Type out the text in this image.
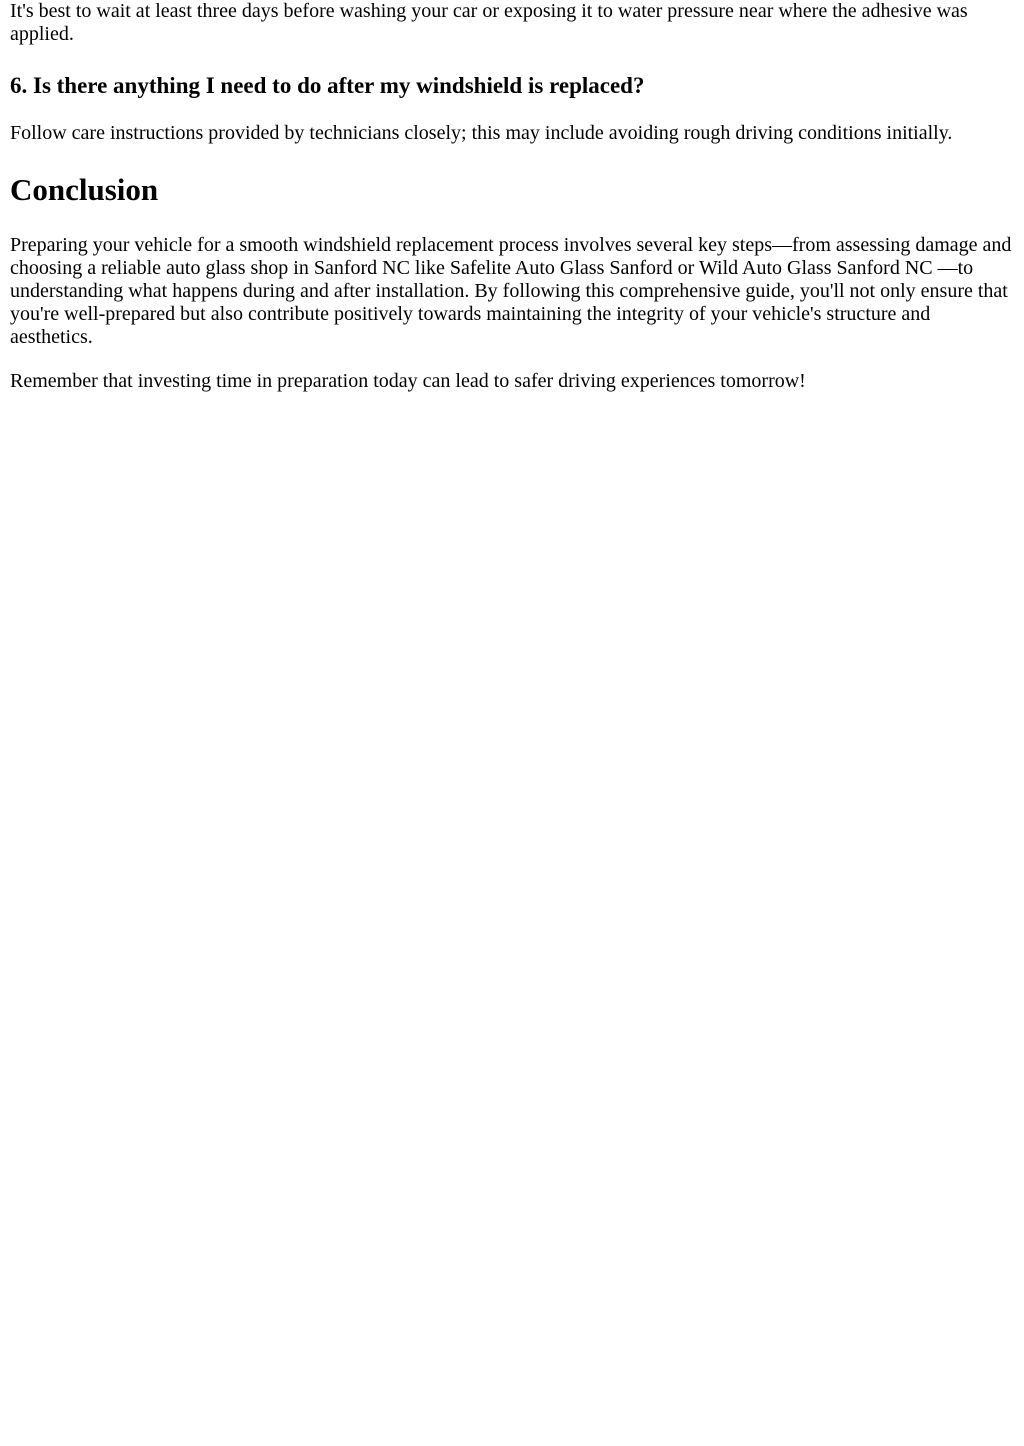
It's best to wait at least three days before washing your car or exposing it to water pressure near where the adhesive was applied.

6. Is there anything I need to do after my windshield is replaced?

Follow care instructions provided by technicians closely; this may include avoiding rough driving conditions initially.

Conclusion

Preparing your vehicle for a smooth windshield replacement process involves several key steps—from assessing damage and choosing a reliable auto glass shop in Sanford NC like Safelite Auto Glass Sanford or Wild Auto Glass Sanford NC —to understanding what happens during and after installation. By following this comprehensive guide, you'll not only ensure that you're well-prepared but also contribute positively towards maintaining the integrity of your vehicle's structure and aesthetics.

Remember that investing time in preparation today can lead to safer driving experiences tomorrow!
